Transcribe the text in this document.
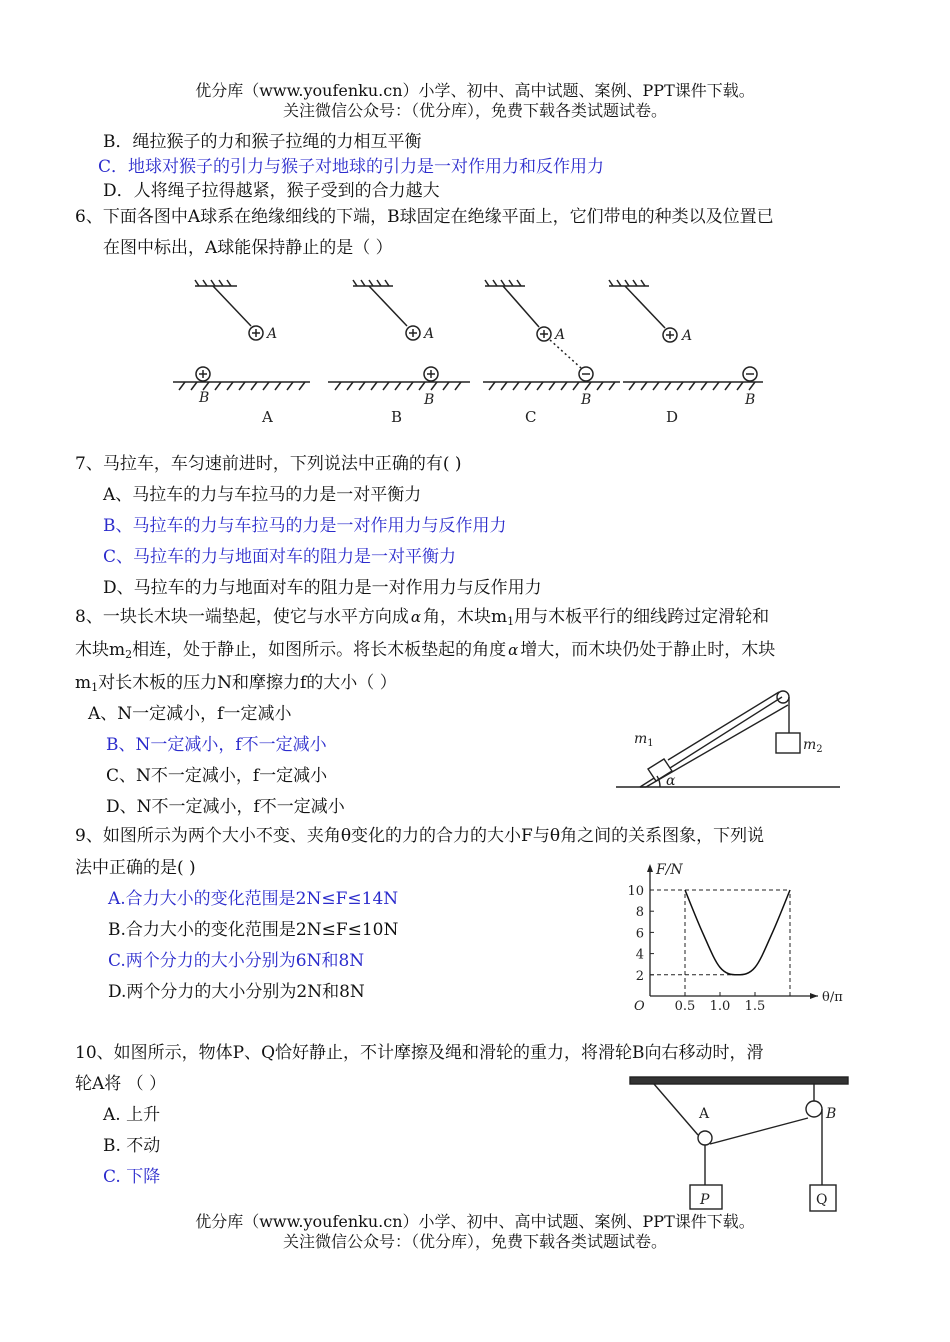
优分库（www.youfenku.cn）小学、初中、高中试题、案例、PPT课件下载。
关注微信公众号：（优分库），免费下载各类试题试卷。
B．绳拉猴子的力和猴子拉绳的力相互平衡
C．地球对猴子的引力与猴子对地球的引力是一对作用力和反作用力
D．人将绳子拉得越紧，猴子受到的合力越大
6、下面各图中A球系在绝缘细线的下端，B球固定在绝缘平面上，它们带电的种类以及位置已
在图中标出，A球能保持静止的是（ ）
A
B
A
B
A
B
A
B
A	B	C	D
7、马拉车，车匀速前进时，下列说法中正确的有( )
A、马拉车的力与车拉马的力是一对平衡力
B、马拉车的力与车拉马的力是一对作用力与反作用力
C、马拉车的力与地面对车的阻力是一对平衡力
D、马拉车的力与地面对车的阻力是一对作用力与反作用力
8、一块长木块一端垫起，使它与水平方向成 α 角，木块$m_1$用与木板平行的细线跨过定滑轮和
木块$m_2$相连，处于静止，如图所示。将长木板垫起的角度 α 增大，而木块仍处于静止时，木块
$m_1$对长木板的压力N和摩擦力f的大小（ ）
A、N一定减小，f一定减小
B、N一定减小，f不一定减小
C、N不一定减小，f一定减小
D、N不一定减小，f不一定减小
$m_1$	$m_2$
α
9、如图所示为两个大小不变、夹角θ变化的力的合力的大小F与θ角之间的关系图象，下列说
法中正确的是( )
A.合力大小的变化范围是2N≤F≤14N
B.合力大小的变化范围是2N≤F≤10N
C.两个分力的大小分别为6N和8N
D.两个分力的大小分别为2N和8N
F/N
θ/π
O
2
4
6
8
10
0.5 1.0 1.5
10、如图所示，物体P、Q恰好静止，不计摩擦及绳和滑轮的重力，将滑轮B向右移动时，滑
轮A将 （ ）
A. 上升
B. 不动
C. 下降
A	B
P	Q
优分库（www.youfenku.cn）小学、初中、高中试题、案例、PPT课件下载。
关注微信公众号：（优分库），免费下载各类试题试卷。
